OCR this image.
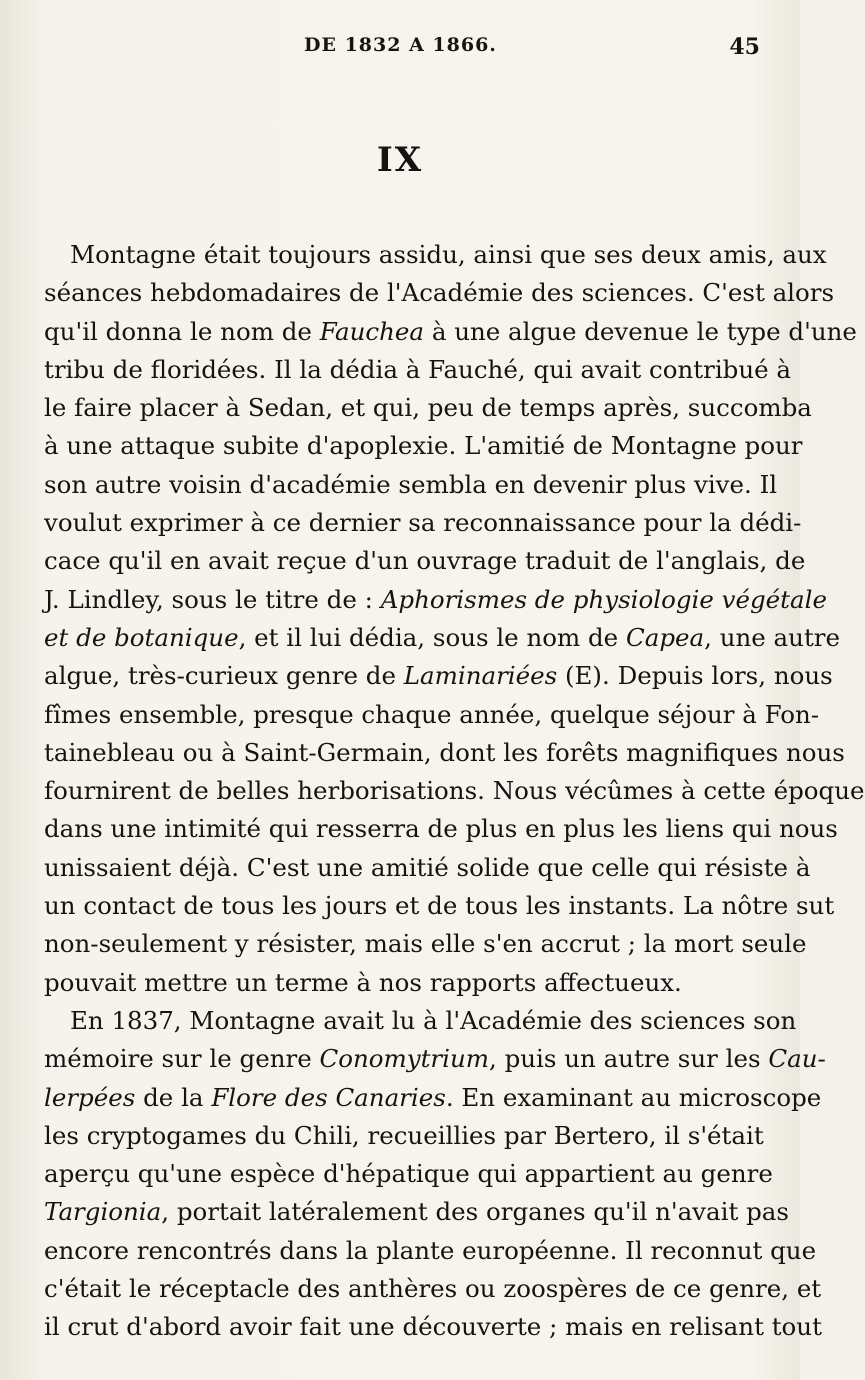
DE 1832 A 1866.	45
IX
Montagne était toujours assidu, ainsi que ses deux amis, aux
séances hebdomadaires de l'Académie des sciences. C'est alors
qu'il donna le nom de Fauchea à une algue devenue le type d'une
tribu de floridées. Il la dédia à Fauché, qui avait contribué à
le faire placer à Sedan, et qui, peu de temps après, succomba
à une attaque subite d'apoplexie. L'amitié de Montagne pour
son autre voisin d'académie sembla en devenir plus vive. Il
voulut exprimer à ce dernier sa reconnaissance pour la dédi-
cace qu'il en avait reçue d'un ouvrage traduit de l'anglais, de
J. Lindley, sous le titre de : Aphorismes de physiologie végétale
et de botanique, et il lui dédia, sous le nom de Capea, une autre
algue, très-curieux genre de Laminariées (E). Depuis lors, nous
fîmes ensemble, presque chaque année, quelque séjour à Fon-
tainebleau ou à Saint-Germain, dont les forêts magnifiques nous
fournirent de belles herborisations. Nous vécûmes à cette époque
dans une intimité qui resserra de plus en plus les liens qui nous
unissaient déjà. C'est une amitié solide que celle qui résiste à
un contact de tous les jours et de tous les instants. La nôtre sut
non-seulement y résister, mais elle s'en accrut ; la mort seule
pouvait mettre un terme à nos rapports affectueux.
En 1837, Montagne avait lu à l'Académie des sciences son
mémoire sur le genre Conomytrium, puis un autre sur les Cau-
lerpées de la Flore des Canaries. En examinant au microscope
les cryptogames du Chili, recueillies par Bertero, il s'était
aperçu qu'une espèce d'hépatique qui appartient au genre
Targionia, portait latéralement des organes qu'il n'avait pas
encore rencontrés dans la plante européenne. Il reconnut que
c'était le réceptacle des anthères ou zoospères de ce genre, et
il crut d'abord avoir fait une découverte ; mais en relisant tout
